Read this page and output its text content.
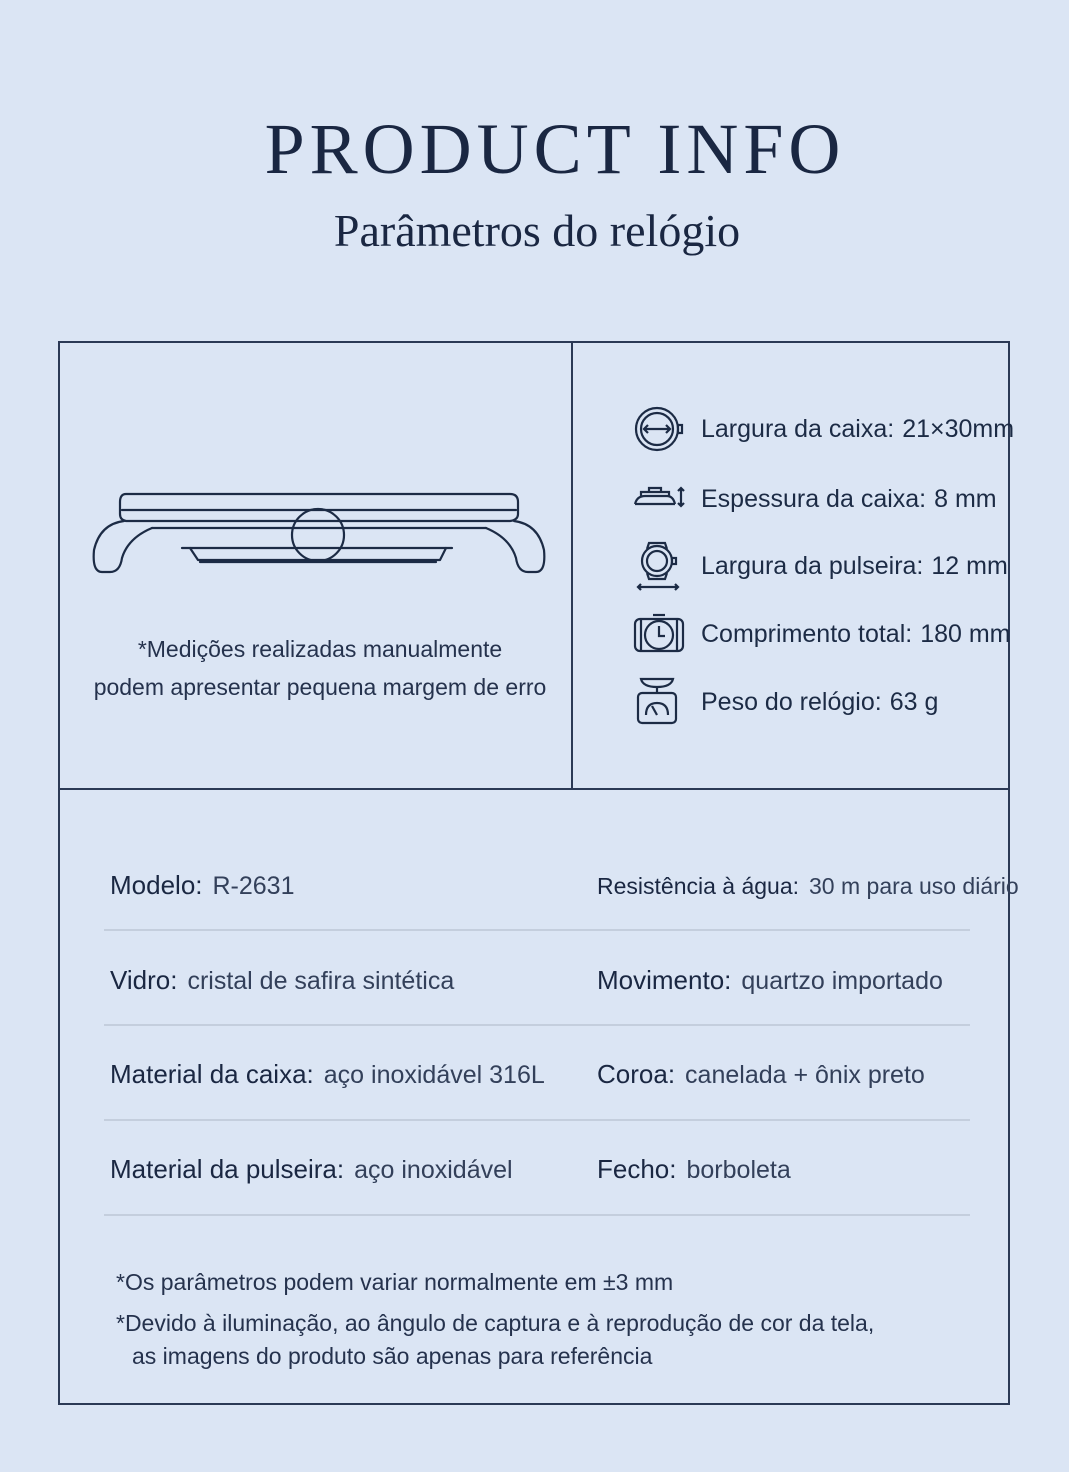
PRODUCT INFO
Parâmetros do relógio
*Medições realizadas manualmente
podem apresentar pequena margem de erro
Largura da caixa: 21×30mm
Espessura da caixa: 8 mm
Largura da pulseira: 12 mm
Comprimento total: 180 mm
Peso do relógio: 63 g
Modelo: R-2631	Resistência à água: 30 m para uso diário
Vidro: cristal de safira sintética	Movimento: quartzo importado
Material da caixa: aço inoxidável 316L Coroa: canelada + ônix preto
Material da pulseira: aço inoxidável	Fecho: borboleta
*Os parâmetros podem variar normalmente em ±3 mm
*Devido à iluminação, ao ângulo de captura e à reprodução de cor da tela,
as imagens do produto são apenas para referência
